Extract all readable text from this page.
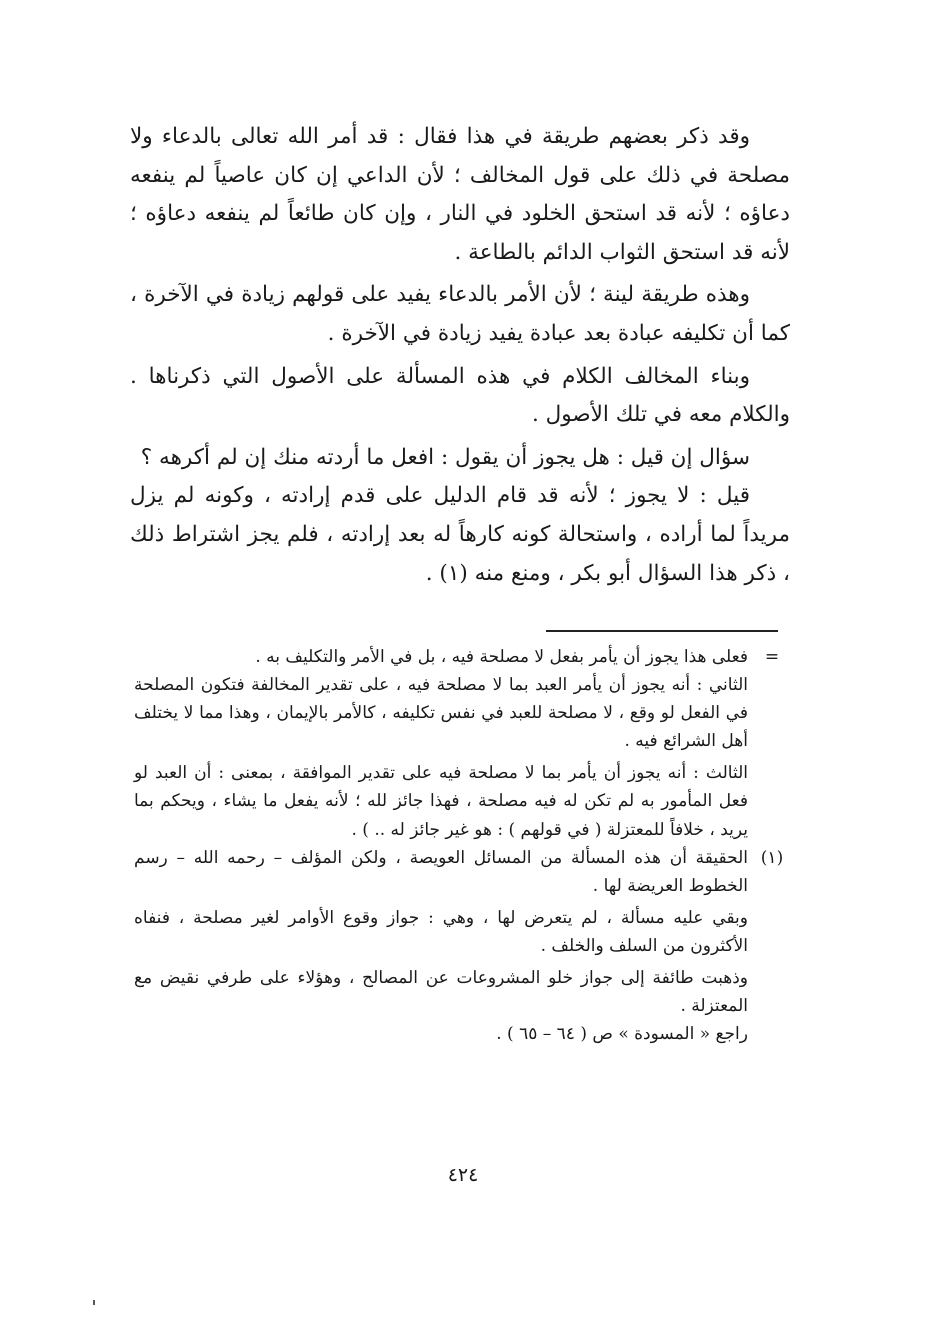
وقد ذكر بعضهم طريقة في هذا فقال : قد أمر الله تعالى بالدعاء ولا مصلحة في ذلك على قول المخالف ؛ لأن الداعي إن كان عاصياً لم ينفعه دعاؤه ؛ لأنه قد استحق الخلود في النار ، وإن كان طائعاً لم ينفعه دعاؤه ؛ لأنه قد استحق الثواب الدائم بالطاعة .

وهذه طريقة لينة ؛ لأن الأمر بالدعاء يفيد على قولهم زيادة في الآخرة ، كما أن تكليفه عبادة بعد عبادة يفيد زيادة في الآخرة .

وبناء المخالف الكلام في هذه المسألة على الأصول التي ذكرناها . والكلام معه في تلك الأصول .

سؤال إن قيل : هل يجوز أن يقول : افعل ما أردته منك إن لم أكرهه ؟

قيل : لا يجوز ؛ لأنه قد قام الدليل على قدم إرادته ، وكونه لم يزل مريداً لما أراده ، واستحالة كونه كارهاً له بعد إرادته ، فلم يجز اشتراط ذلك ، ذكر هذا السؤال أبو بكر ، ومنع منه (١) .

=

فعلى هذا يجوز أن يأمر بفعل لا مصلحة فيه ، بل في الأمر والتكليف به .

الثاني : أنه يجوز أن يأمر العبد بما لا مصلحة فيه ، على تقدير المخالفة فتكون المصلحة في الفعل لو وقع ، لا مصلحة للعبد في نفس تكليفه ، كالأمر بالإيمان ، وهذا مما لا يختلف أهل الشرائع فيه .

الثالث : أنه يجوز أن يأمر بما لا مصلحة فيه على تقدير الموافقة ، بمعنى : أن العبد لو فعل المأمور به لم تكن له فيه مصلحة ، فهذا جائز لله ؛ لأنه يفعل ما يشاء ، ويحكم بما يريد ، خلافاً للمعتزلة ( في قولهم ) : هو غير جائز له .. ) .

(١)

الحقيقة أن هذه المسألة من المسائل العويصة ، ولكن المؤلف – رحمه الله – رسم الخطوط العريضة لها .

وبقي عليه مسألة ، لم يتعرض لها ، وهي : جواز وقوع الأوامر لغير مصلحة ، فنفاه الأكثرون من السلف والخلف .

وذهبت طائفة إلى جواز خلو المشروعات عن المصالح ، وهؤلاء على طرفي نقيض مع المعتزلة .

راجع « المسودة » ص ( ٦٤ – ٦٥ ) .

٤٢٤
